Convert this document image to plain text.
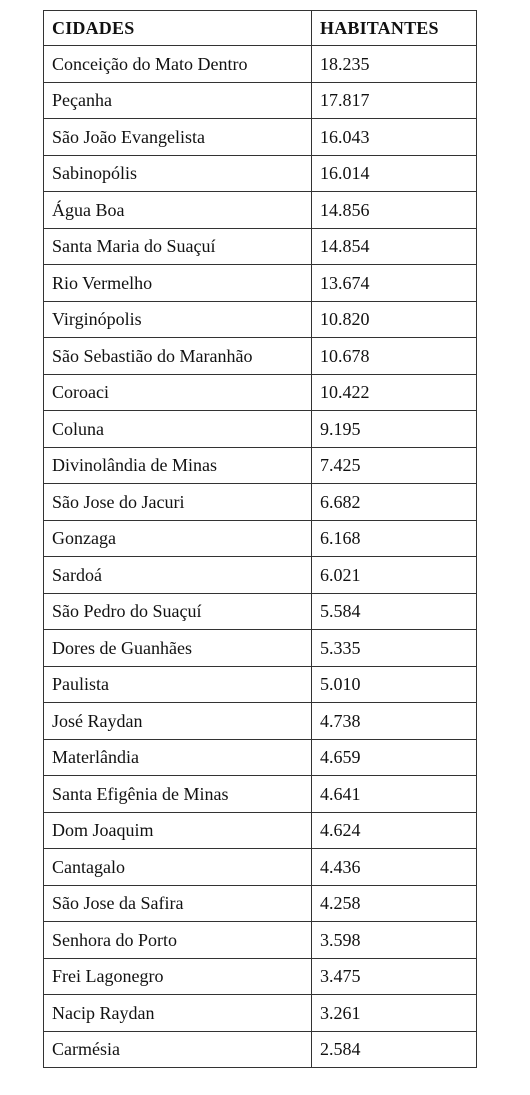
CIDADES	HABITANTES
Conceição do Mato Dentro	18.235
Peçanha	17.817
São João Evangelista	16.043
Sabinopólis	16.014
Água Boa	14.856
Santa Maria do Suaçuí	14.854
Rio Vermelho	13.674
Virginópolis	10.820
São Sebastião do Maranhão	10.678
Coroaci	10.422
Coluna	9.195
Divinolândia de Minas	7.425
São Jose do Jacuri	6.682
Gonzaga	6.168
Sardoá	6.021
São Pedro do Suaçuí	5.584
Dores de Guanhães	5.335
Paulista	5.010
José Raydan	4.738
Materlândia	4.659
Santa Efigênia de Minas	4.641
Dom Joaquim	4.624
Cantagalo	4.436
São Jose da Safira	4.258
Senhora do Porto	3.598
Frei Lagonegro	3.475
Nacip Raydan	3.261
Carmésia	2.584
